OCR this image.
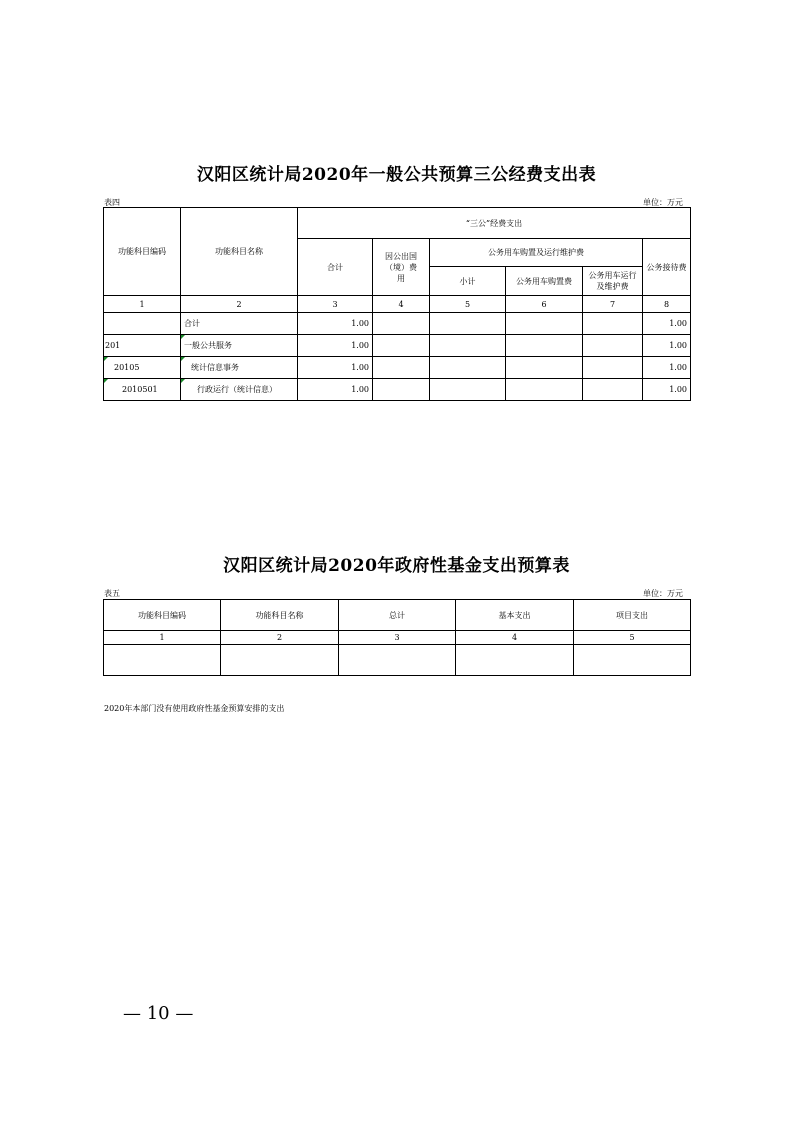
汉阳区统计局2020年一般公共预算三公经费支出表
表四	单位：万元
功能科目编码	功能科目名称	“三公”经费支出					
		合计	因公出国（境）费用	公务用车购置及运行维护费			公务接待费
				小计	公务用车购置费	公务用车运行及维护费	
1	2	3	4	5	6	7	8
	合计	1.00					1.00
201	一般公共服务	1.00					1.00
20105	统计信息事务	1.00					1.00
2010501	行政运行（统计信息）	1.00					1.00
汉阳区统计局2020年政府性基金支出预算表
表五	单位：万元
功能科目编码	功能科目名称	总计	基本支出	项目支出
1	2	3	4	5

2020年本部门没有使用政府性基金预算安排的支出
— 10 —
